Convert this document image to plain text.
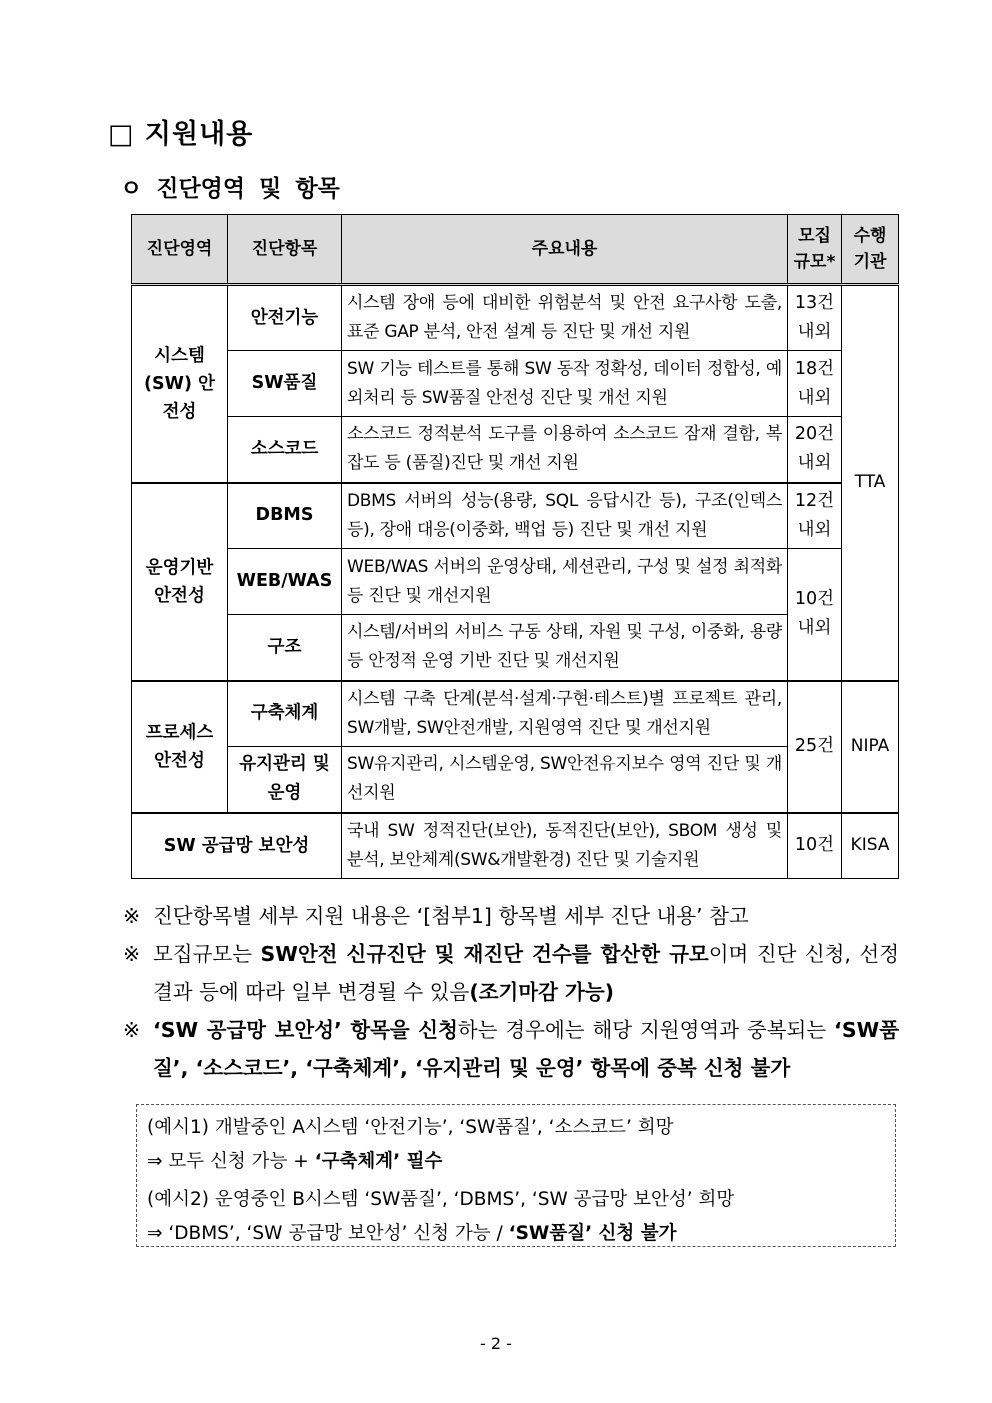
□ 지원내용
ㅇ 진단영역 및 항목
진단영역	진단항목	주요내용	모집 규모*	수행 기관
시스템 (SW) 안전성	안전기능	시스템 장애 등에 대비한 위험분석 및 안전 요구사항 도출, 표준 GAP 분석, 안전 설계 등 진단 및 개선 지원	13건 내외	TTA
	SW품질	SW 기능 테스트를 통해 SW 동작 정확성, 데이터 정합성, 예외처리 등 SW품질 안전성 진단 및 개선 지원	18건 내외	
	소스코드	소스코드 정적분석 도구를 이용하여 소스코드 잠재 결함, 복잡도 등 (품질)진단 및 개선 지원	20건 내외	
운영기반 안전성	DBMS	DBMS 서버의 성능(용량, SQL 응답시간 등), 구조(인덱스 등), 장애 대응(이중화, 백업 등) 진단 및 개선 지원	12건 내외	
	WEB/WAS	WEB/WAS 서버의 운영상태, 세션관리, 구성 및 설정 최적화 등 진단 및 개선지원	10건 내외	
	구조	시스템/서버의 서비스 구동 상태, 자원 및 구성, 이중화, 용량 등 안정적 운영 기반 진단 및 개선지원		
프로세스 안전성	구축체계	시스템 구축 단계(분석·설계·구현·테스트)별 프로젝트 관리, SW개발, SW안전개발, 지원영역 진단 및 개선지원	25건	NIPA
	유지관리 및 운영	SW유지관리, 시스템운영, SW안전유지보수 영역 진단 및 개선지원		
SW 공급망 보안성		국내 SW 정적진단(보안), 동적진단(보안), SBOM 생성 및 분석, 보안체계(SW&개발환경) 진단 및 기술지원	10건	KISA
※ 진단항목별 세부 지원 내용은 ‘[첨부1] 항목별 세부 진단 내용’ 참고
※ 모집규모는 SW안전 신규진단 및 재진단 건수를 합산한 규모이며 진단 신청, 선정결과 등에 따라 일부 변경될 수 있음(조기마감 가능)
※ ‘SW 공급망 보안성’ 항목을 신청하는 경우에는 해당 지원영역과 중복되는 ‘SW품질’, ‘소스코드’, ‘구축체계’, ‘유지관리 및 운영’ 항목에 중복 신청 불가
(예시1) 개발중인 A시스템 ‘안전기능’, ‘SW품질’, ‘소스코드’ 희망
⇒ 모두 신청 가능 + ‘구축체계’ 필수
(예시2) 운영중인 B시스템 ‘SW품질’, ‘DBMS’, ‘SW 공급망 보안성’ 희망
⇒ ‘DBMS’, ‘SW 공급망 보안성’ 신청 가능 / ‘SW품질’ 신청 불가
- 2 -
